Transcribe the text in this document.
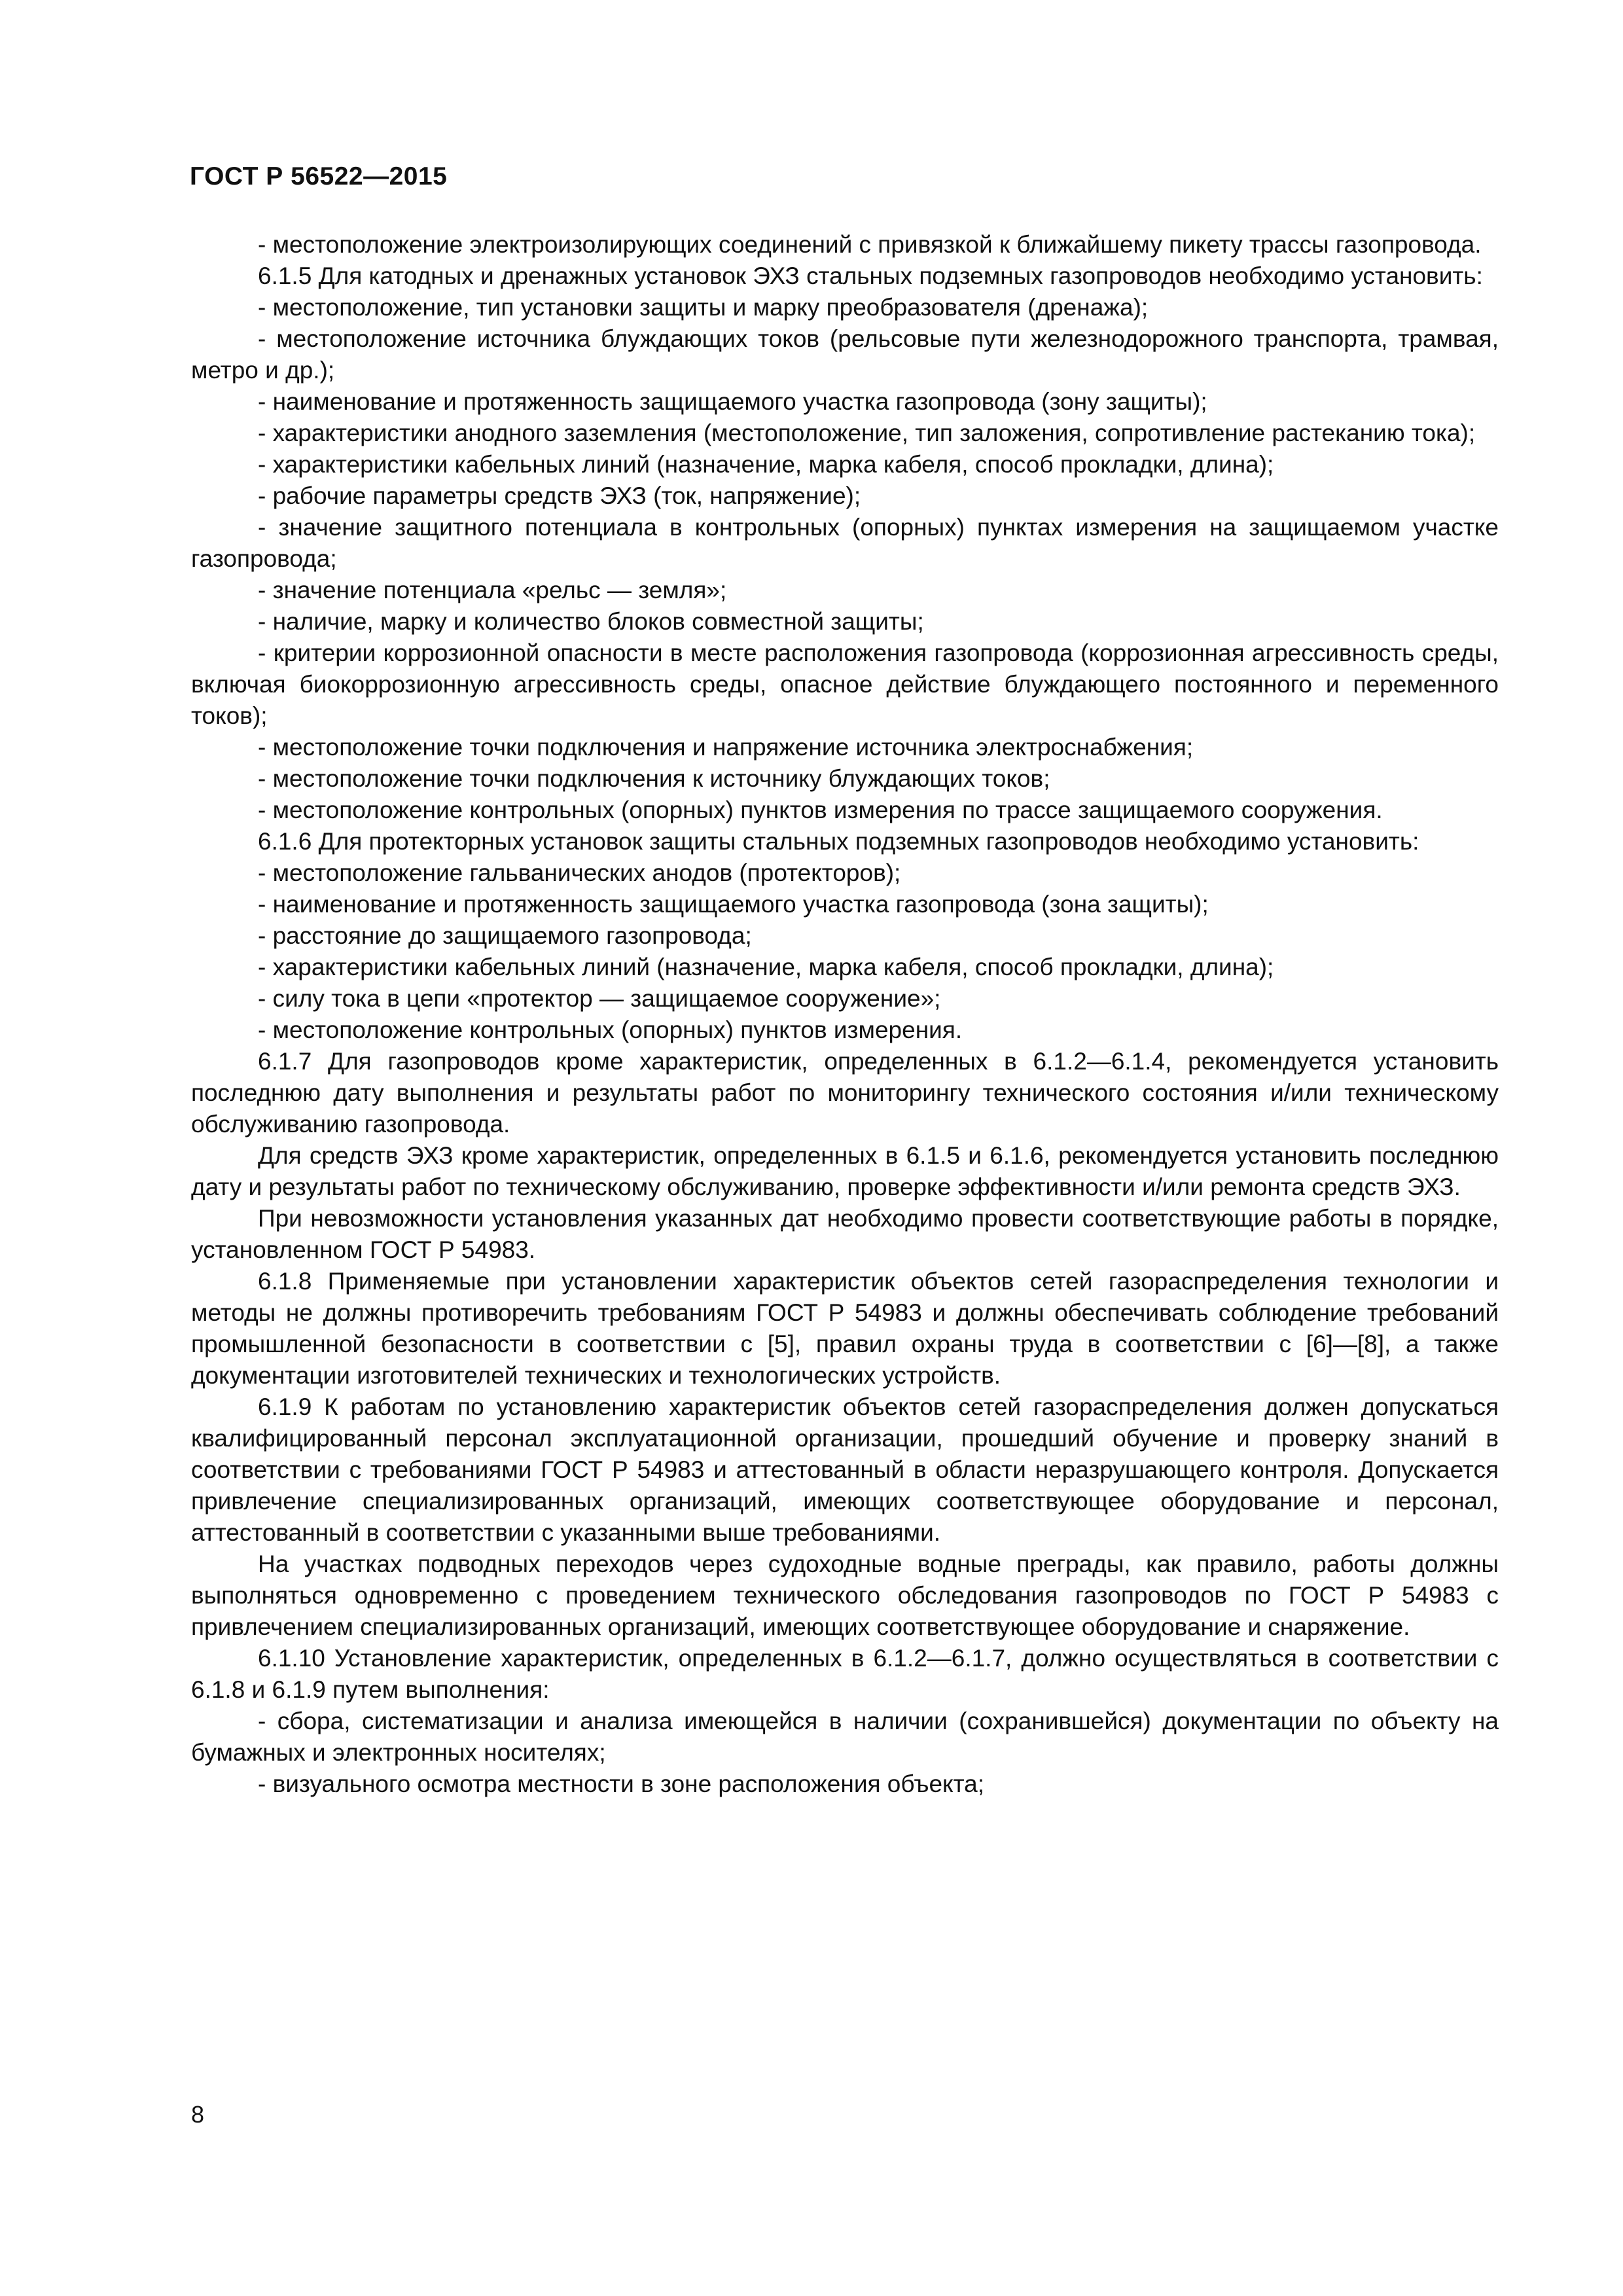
ГОСТ Р 56522—2015

- местоположение электроизолирующих соединений с привязкой к ближайшему пикету трассы газопровода.

6.1.5 Для катодных и дренажных установок ЭХЗ стальных подземных газопроводов необходимо установить:

- местоположение, тип установки защиты и марку преобразователя (дренажа);

- местоположение источника блуждающих токов (рельсовые пути железнодорожного транспорта, трамвая, метро и др.);

- наименование и протяженность защищаемого участка газопровода (зону защиты);

- характеристики анодного заземления (местоположение, тип заложения, сопротивление растеканию тока);

- характеристики кабельных линий (назначение, марка кабеля, способ прокладки, длина);

- рабочие параметры средств ЭХЗ (ток, напряжение);

- значение защитного потенциала в контрольных (опорных) пунктах измерения на защищаемом участке газопровода;

- значение потенциала «рельс — земля»;

- наличие, марку и количество блоков совместной защиты;

- критерии коррозионной опасности в месте расположения газопровода (коррозионная агрессивность среды, включая биокоррозионную агрессивность среды, опасное действие блуждающего постоянного и переменного токов);

- местоположение точки подключения и напряжение источника электроснабжения;

- местоположение точки подключения к источнику блуждающих токов;

- местоположение контрольных (опорных) пунктов измерения по трассе защищаемого сооружения.

6.1.6 Для протекторных установок защиты стальных подземных газопроводов необходимо установить:

- местоположение гальванических анодов (протекторов);

- наименование и протяженность защищаемого участка газопровода (зона защиты);

- расстояние до защищаемого газопровода;

- характеристики кабельных линий (назначение, марка кабеля, способ прокладки, длина);

- силу тока в цепи «протектор — защищаемое сооружение»;

- местоположение контрольных (опорных) пунктов измерения.

6.1.7 Для газопроводов кроме характеристик, определенных в 6.1.2—6.1.4, рекомендуется установить последнюю дату выполнения и результаты работ по мониторингу технического состояния и/или техническому обслуживанию газопровода.

Для средств ЭХЗ кроме характеристик, определенных в 6.1.5 и 6.1.6, рекомендуется установить последнюю дату и результаты работ по техническому обслуживанию, проверке эффективности и/или ремонта средств ЭХЗ.

При невозможности установления указанных дат необходимо провести соответствующие работы в порядке, установленном ГОСТ Р 54983.

6.1.8 Применяемые при установлении характеристик объектов сетей газораспределения технологии и методы не должны противоречить требованиям ГОСТ Р 54983 и должны обеспечивать соблюдение требований промышленной безопасности в соответствии с [5], правил охраны труда в соответствии с [6]—[8], а также документации изготовителей технических и технологических устройств.

6.1.9 К работам по установлению характеристик объектов сетей газораспределения должен допускаться квалифицированный персонал эксплуатационной организации, прошедший обучение и проверку знаний в соответствии с требованиями ГОСТ Р 54983 и аттестованный в области неразрушающего контроля. Допускается привлечение специализированных организаций, имеющих соответствующее оборудование и персонал, аттестованный в соответствии с указанными выше требованиями.

На участках подводных переходов через судоходные водные преграды, как правило, работы должны выполняться одновременно с проведением технического обследования газопроводов по ГОСТ Р 54983 с привлечением специализированных организаций, имеющих соответствующее оборудование и снаряжение.

6.1.10 Установление характеристик, определенных в 6.1.2—6.1.7, должно осуществляться в соответствии с 6.1.8 и 6.1.9 путем выполнения:

- сбора, систематизации и анализа имеющейся в наличии (сохранившейся) документации по объекту на бумажных и электронных носителях;

- визуального осмотра местности в зоне расположения объекта;

8
